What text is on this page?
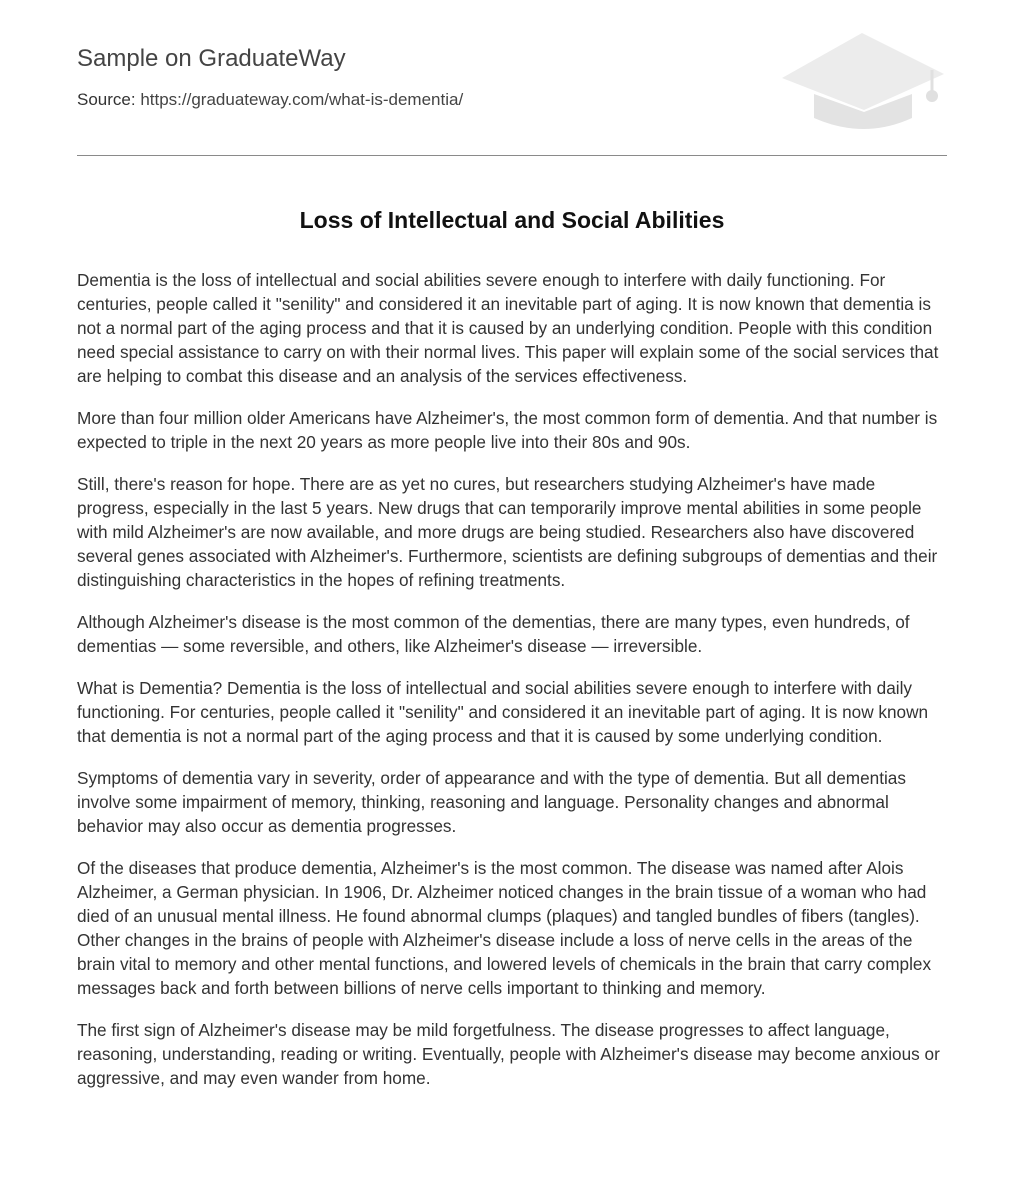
Sample on GraduateWay
Source: https://graduateway.com/what-is-dementia/
Loss of Intellectual and Social Abilities

Dementia is the loss of intellectual and social abilities severe enough to interfere with daily functioning. For centuries, people called it "senility" and considered it an inevitable part of aging. It is now known that dementia is not a normal part of the aging process and that it is caused by an underlying condition. People with this condition need special assistance to carry on with their normal lives. This paper will explain some of the social services that are helping to combat this disease and an analysis of the services effectiveness.

More than four million older Americans have Alzheimer's, the most common form of dementia. And that number is expected to triple in the next 20 years as more people live into their 80s and 90s.

Still, there's reason for hope. There are as yet no cures, but researchers studying Alzheimer's have made progress, especially in the last 5 years. New drugs that can temporarily improve mental abilities in some people with mild Alzheimer's are now available, and more drugs are being studied. Researchers also have discovered several genes associated with Alzheimer's. Furthermore, scientists are defining subgroups of dementias and their distinguishing characteristics in the hopes of refining treatments.

Although Alzheimer's disease is the most common of the dementias, there are many types, even hundreds, of dementias — some reversible, and others, like Alzheimer's disease — irreversible.

What is Dementia? Dementia is the loss of intellectual and social abilities severe enough to interfere with daily functioning. For centuries, people called it "senility" and considered it an inevitable part of aging. It is now known that dementia is not a normal part of the aging process and that it is caused by some underlying condition.

Symptoms of dementia vary in severity, order of appearance and with the type of dementia. But all dementias involve some impairment of memory, thinking, reasoning and language. Personality changes and abnormal behavior may also occur as dementia progresses.

Of the diseases that produce dementia, Alzheimer's is the most common. The disease was named after Alois Alzheimer, a German physician. In 1906, Dr. Alzheimer noticed changes in the brain tissue of a woman who had died of an unusual mental illness. He found abnormal clumps (plaques) and tangled bundles of fibers (tangles). Other changes in the brains of people with Alzheimer's disease include a loss of nerve cells in the areas of the brain vital to memory and other mental functions, and lowered levels of chemicals in the brain that carry complex messages back and forth between billions of nerve cells important to thinking and memory.

The first sign of Alzheimer's disease may be mild forgetfulness. The disease progresses to affect language, reasoning, understanding, reading or writing. Eventually, people with Alzheimer's disease may become anxious or aggressive, and may even wander from home.
